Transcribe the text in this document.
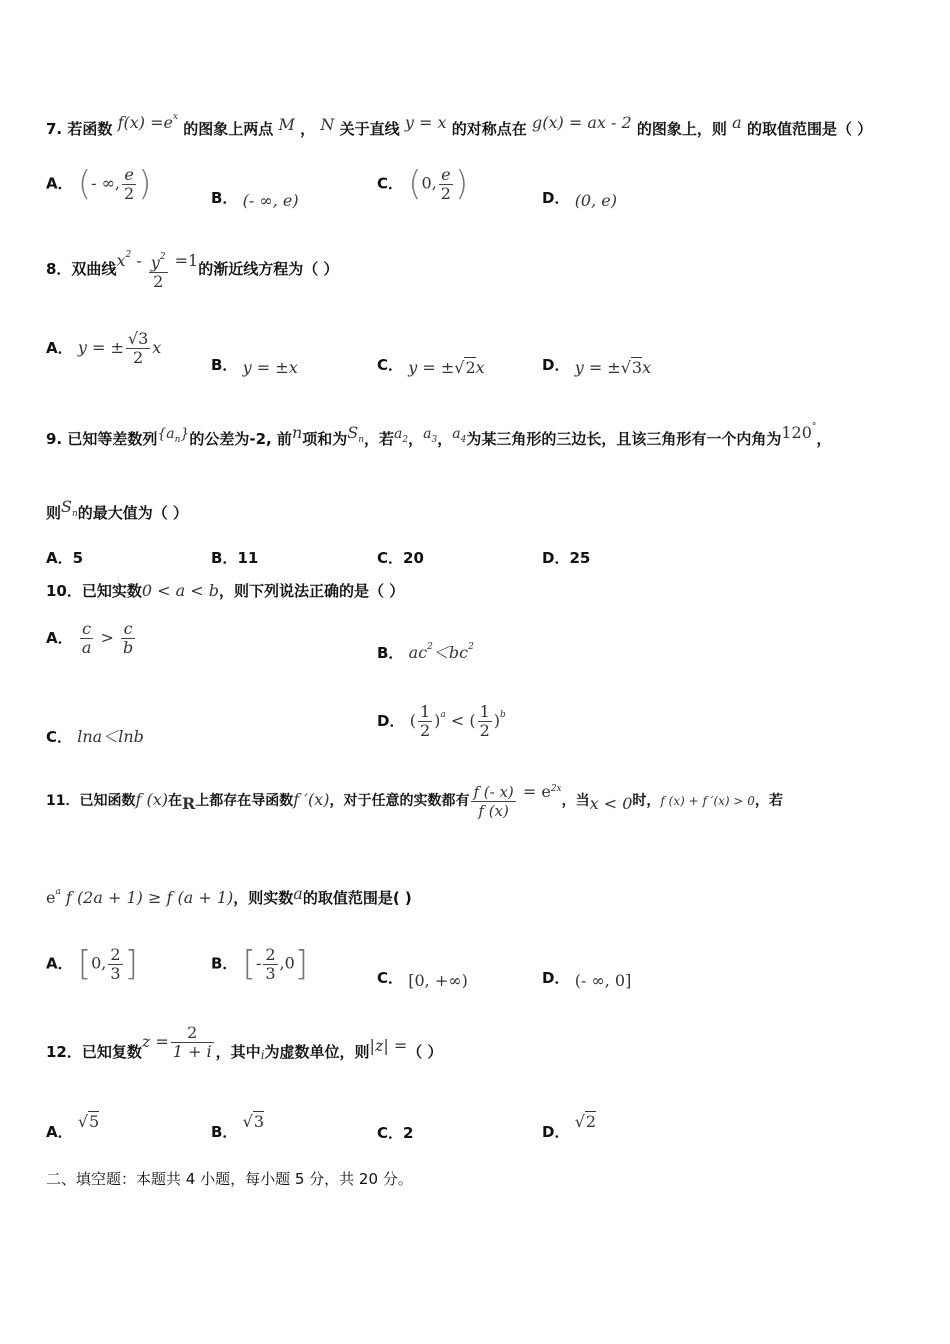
7. 若函数 $f(x) =e^x$ 的图象上两点 M ， N 关于直线 y = x 的对称点在 g(x) = ax - 2 的图象上，则 a 的取值范围是（ ）
A． (- ∞, $\frac{e}{2}$ )	B． (- ∞, e)
C． (0, $\frac{e}{2}$ )	D． (0, e)
8．双曲线$x^2 - \frac{y^2}{2} =1$的渐近线方程为（ ）
A． y = ± $\frac{√3}{2}$ x
B． y = ±x	C． y = ±√2x	D． y = ±√3x
9. 已知等差数列$\{a_n\}$的公差为-2, 前n项和为$S_n$，若$a_2$，$a_3$，$a_4$为某三角形的三边长，且该三角形有一个内角为120°，
则$S_n$的最大值为（ ）
A．5	B．11	C．20	D．25
10．已知实数0 < a < b，则下列说法正确的是（ ）
A． $\frac{c}{a} > \frac{c}{b}$	B． $ac^2<bc^2$
C． lna＜lnb
D． ( $\frac{1}{2} )^a$ < ( $\frac{1}{2} )^b$
11．已知函数f (x)在R上都存在导函数f ′(x)，对于任意的实数都有 $\frac{f (- x)}{f (x)} = e^{2x}$，当x < 0时，f (x) + f ′(x) > 0，若
$e^a$ f (2a + 1) ≥ f (a + 1)，则实数a的取值范围是( )
A． [0, $\frac{2}{3}$ ]	B． [- $\frac{2}{3} ,0$]	C． [0, +∞)	D． (- ∞, 0]
12．已知复数$z = \frac{2}{1 + i}$ ，其中$_i$为虚数单位，则|z| =（ ）
A． √5
B． √3
C．2	D． √2
二、填空题：本题共 4 小题，每小题 5 分，共 20 分。
